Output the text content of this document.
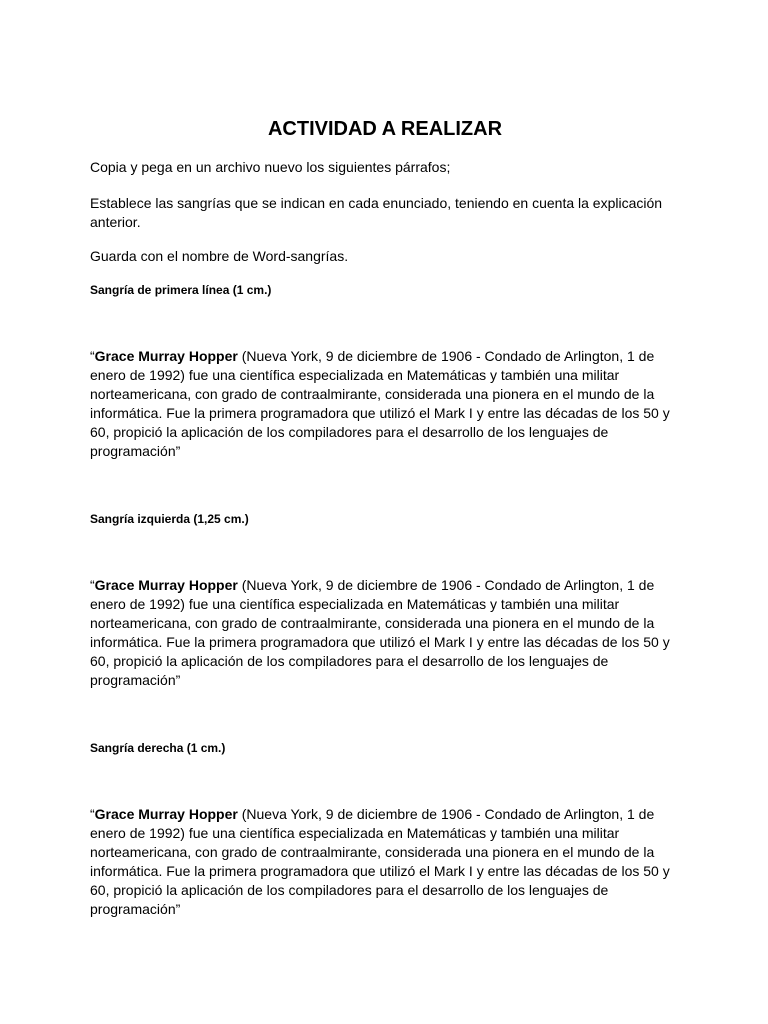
ACTIVIDAD A REALIZAR

Copia y pega en un archivo nuevo los siguientes párrafos;

Establece las sangrías que se indican en cada enunciado, teniendo en cuenta la explicación anterior.

Guarda con el nombre de Word-sangrías.

Sangría de primera línea (1 cm.)

“Grace Murray Hopper (Nueva York, 9 de diciembre de 1906 - Condado de Arlington, 1 de enero de 1992) fue una científica especializada en Matemáticas y también una militar norteamericana, con grado de contraalmirante, considerada una pionera en el mundo de la informática. Fue la primera programadora que utilizó el Mark I y entre las décadas de los 50 y 60, propició la aplicación de los compiladores para el desarrollo de los lenguajes de programación”

Sangría izquierda (1,25 cm.)

“Grace Murray Hopper (Nueva York, 9 de diciembre de 1906 - Condado de Arlington, 1 de enero de 1992) fue una científica especializada en Matemáticas y también una militar norteamericana, con grado de contraalmirante, considerada una pionera en el mundo de la informática. Fue la primera programadora que utilizó el Mark I y entre las décadas de los 50 y 60, propició la aplicación de los compiladores para el desarrollo de los lenguajes de programación”

Sangría derecha (1 cm.)

“Grace Murray Hopper (Nueva York, 9 de diciembre de 1906 - Condado de Arlington, 1 de enero de 1992) fue una científica especializada en Matemáticas y también una militar norteamericana, con grado de contraalmirante, considerada una pionera en el mundo de la informática. Fue la primera programadora que utilizó el Mark I y entre las décadas de los 50 y 60, propició la aplicación de los compiladores para el desarrollo de los lenguajes de programación”
